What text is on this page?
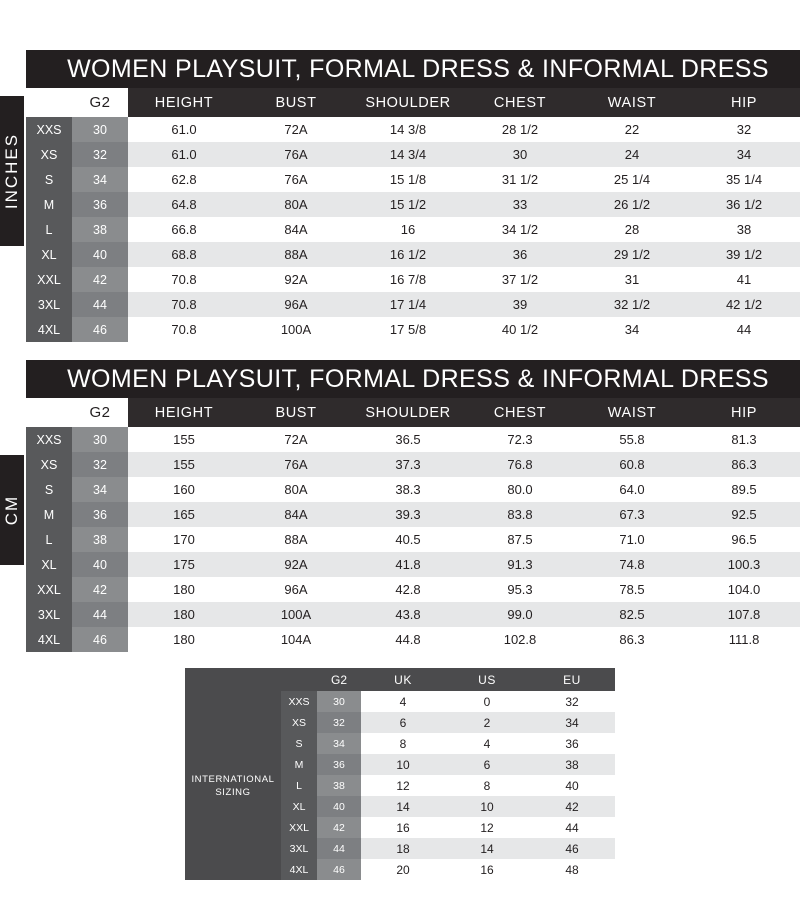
INCHES
WOMEN PLAYSUIT, FORMAL DRESS & INFORMAL DRESS							
	G2	HEIGHT	BUST	SHOULDER	CHEST	WAIST	HIP
XXS	30	61.0	72A	14 3/8	28 1/2	22	32
XS	32	61.0	76A	14 3/4	30	24	34
S	34	62.8	76A	15 1/8	31 1/2	25 1/4	35 1/4
M	36	64.8	80A	15 1/2	33	26 1/2	36 1/2
L	38	66.8	84A	16	34 1/2	28	38
XL	40	68.8	88A	16 1/2	36	29 1/2	39 1/2
XXL	42	70.8	92A	16 7/8	37 1/2	31	41
3XL	44	70.8	96A	17 1/4	39	32 1/2	42 1/2
4XL	46	70.8	100A	17 5/8	40 1/2	34	44
CM
WOMEN PLAYSUIT, FORMAL DRESS & INFORMAL DRESS							
	G2	HEIGHT	BUST	SHOULDER	CHEST	WAIST	HIP
XXS	30	155	72A	36.5	72.3	55.8	81.3
XS	32	155	76A	37.3	76.8	60.8	86.3
S	34	160	80A	38.3	80.0	64.0	89.5
M	36	165	84A	39.3	83.8	67.3	92.5
L	38	170	88A	40.5	87.5	71.0	96.5
XL	40	175	92A	41.8	91.3	74.8	100.3
XXL	42	180	96A	42.8	95.3	78.5	104.0
3XL	44	180	100A	43.8	99.0	82.5	107.8
4XL	46	180	104A	44.8	102.8	86.3	111.8
		G2	UK	US	EU

INTERNATIONAL
SIZING	XXS	30	4	0	32
	XS	32	6	2	34
	S	34	8	4	36
	M	36	10	6	38
	L	38	12	8	40
	XL	40	14	10	42
	XXL	42	16	12	44
	3XL	44	18	14	46
	4XL	46	20	16	48
